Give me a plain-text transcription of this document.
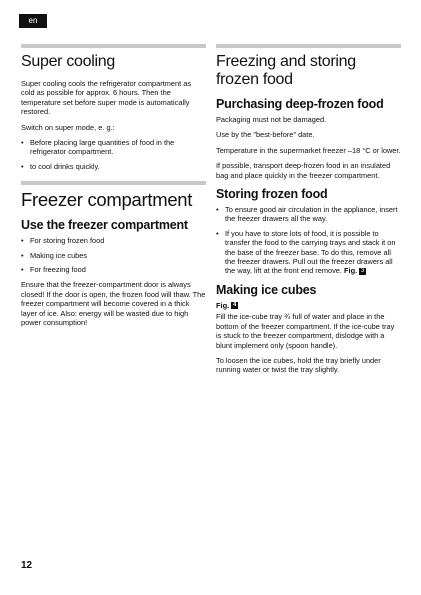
en
Super cooling

Super cooling cools the refrigerator compartment as cold as possible for approx. 6 hours. Then the temperature set before super mode is automatically restored.

Switch on super mode, e. g.:

• Before placing large quantities of food in the refrigerator compartment.
• to cool drinks quickly.
Freezer compartment
Use the freezer compartment
• For storing frozen food
• Making ice cubes
• For freezing food

Ensure that the freezer-compartment door is always closed! If the door is open, the frozen food will thaw. The freezer compartment will become covered in a thick layer of ice. Also: energy will be wasted due to high power consumption!

Freezing and storing frozen food
Purchasing deep-frozen food

Packaging must not be damaged.

Use by the "best-before" date.

Temperature in the supermarket freezer –18 °C or lower.

If possible, transport deep-frozen food in an insulated bag and place quickly in the freezer compartment.

Storing frozen food
• To ensure good air circulation in the appliance, insert the freezer drawers all the way.
• If you have to store lots of food, it is possible to transfer the food to the carrying trays and stack it on the base of the freezer base. To do this, remove all the freezer drawers. Pull out the freezer drawers all the way, lift at the front end remove. Fig. 3
Making ice cubes
Fig. 4

Fill the ice-cube tray ¾ full of water and place in the bottom of the freezer compartment. If the ice-cube tray is stuck to the freezer compartment, dislodge with a blunt implement only (spoon handle).

To loosen the ice cubes, hold the tray briefly under running water or twist the tray slightly.

12
